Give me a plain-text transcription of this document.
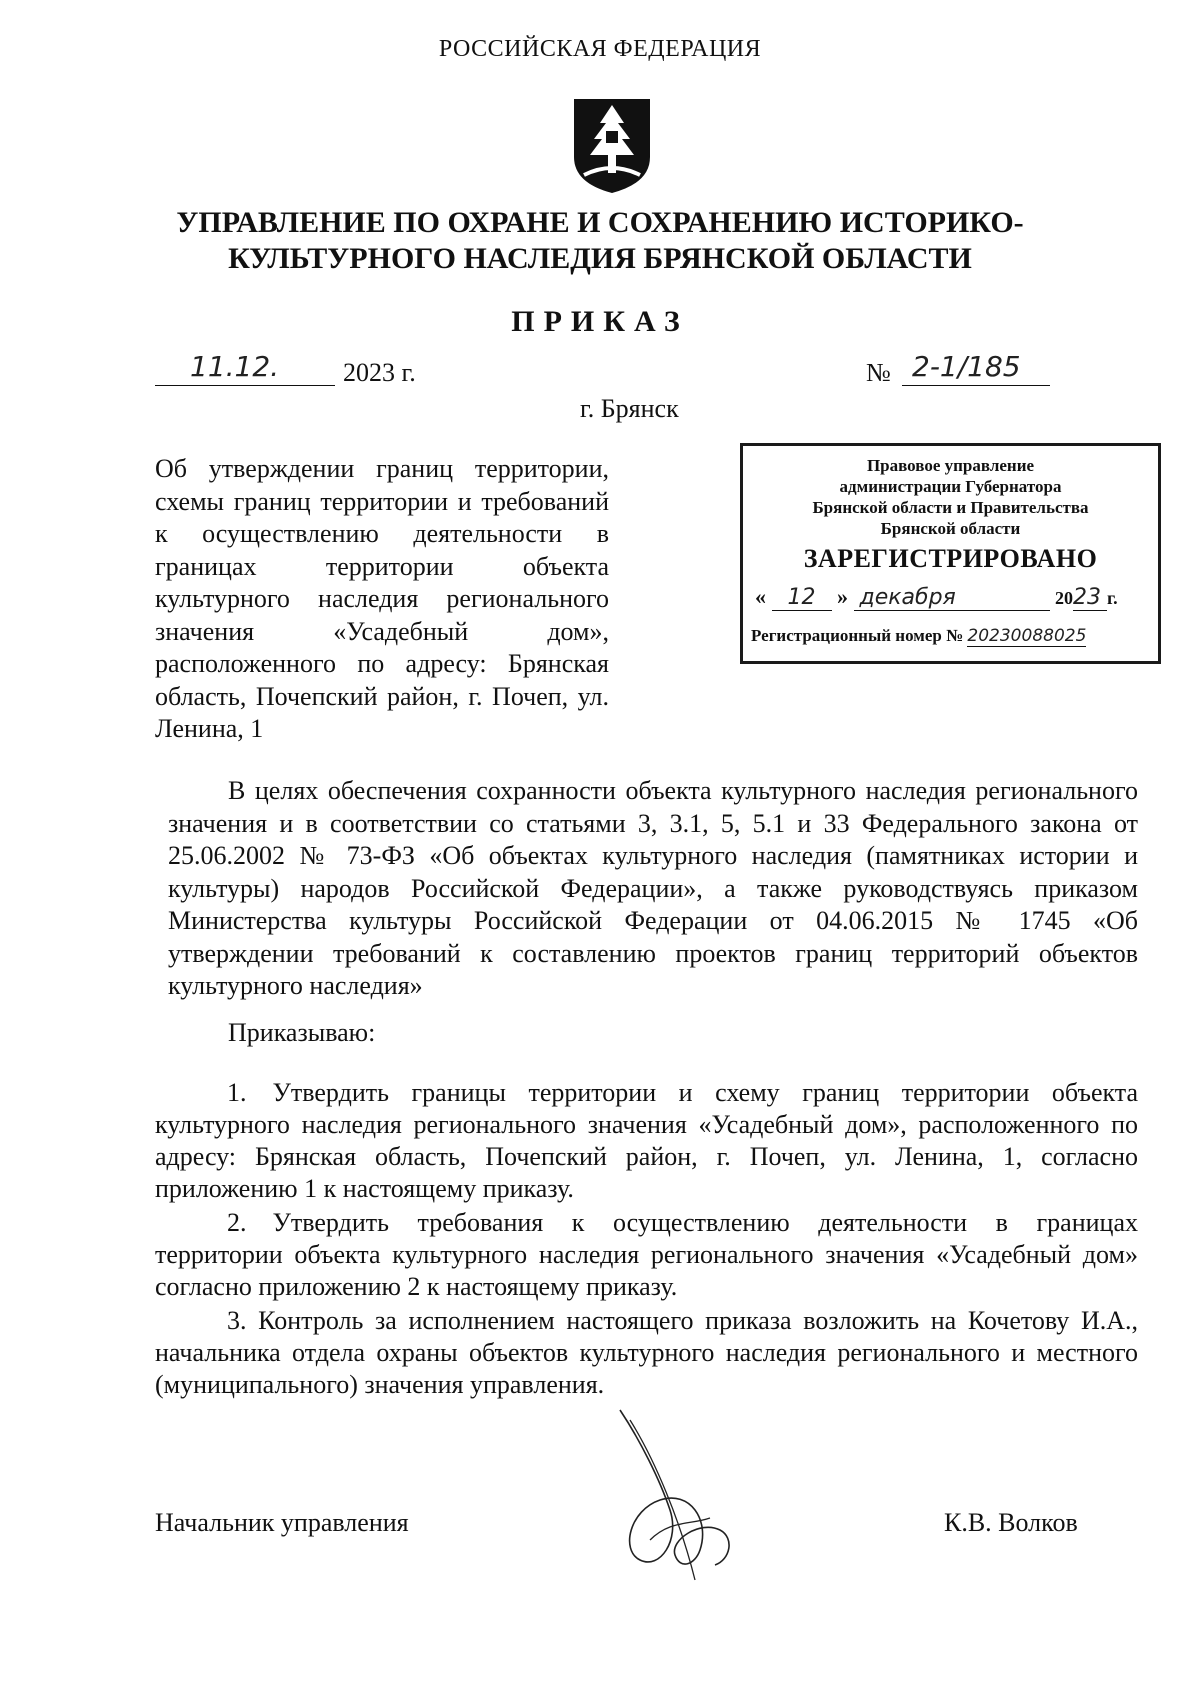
РОССИЙСКАЯ ФЕДЕРАЦИЯ
УПРАВЛЕНИЕ ПО ОХРАНЕ И СОХРАНЕНИЮ ИСТОРИКО-
КУЛЬТУРНОГО НАСЛЕДИЯ БРЯНСКОЙ ОБЛАСТИ
ПРИКАЗ
11.12. 2023 г.	№ 2-1/185
г. Брянск
Об утверждении границ территории, схемы границ территории и требований к осуществлению деятельности в границах территории объекта культурного наследия регионального значения «Усадебный дом», расположенного по адресу: Брянская область, Почепский район, г. Почеп, ул. Ленина, 1
Правовое управление
администрации Губернатора
Брянской области и Правительства
Брянской области
ЗАРЕГИСТРИРОВАНО
« 12 » декабря	2023 г.
Регистрационный номер № 20230088025
В целях обеспечения сохранности объекта культурного наследия регионального значения и в соответствии со статьями 3, 3.1, 5, 5.1 и 33 Федерального закона от 25.06.2002 № 73-ФЗ «Об объектах культурного наследия (памятниках истории и культуры) народов Российской Федерации», а также руководствуясь приказом Министерства культуры Российской Федерации от 04.06.2015 № 1745 «Об утверждении требований к составлению проектов границ территорий объектов культурного наследия»
Приказываю:

1. Утвердить границы территории и схему границ территории объекта культурного наследия регионального значения «Усадебный дом», расположенного по адресу: Брянская область, Почепский район, г. Почеп, ул. Ленина, 1, согласно приложению 1 к настоящему приказу.

2. Утвердить требования к осуществлению деятельности в границах территории объекта культурного наследия регионального значения «Усадебный дом» согласно приложению 2 к настоящему приказу.

3. Контроль за исполнением настоящего приказа возложить на Кочетову И.А., начальника отдела охраны объектов культурного наследия регионального и местного (муниципального) значения управления.

Начальник управления	К.В. Волков
